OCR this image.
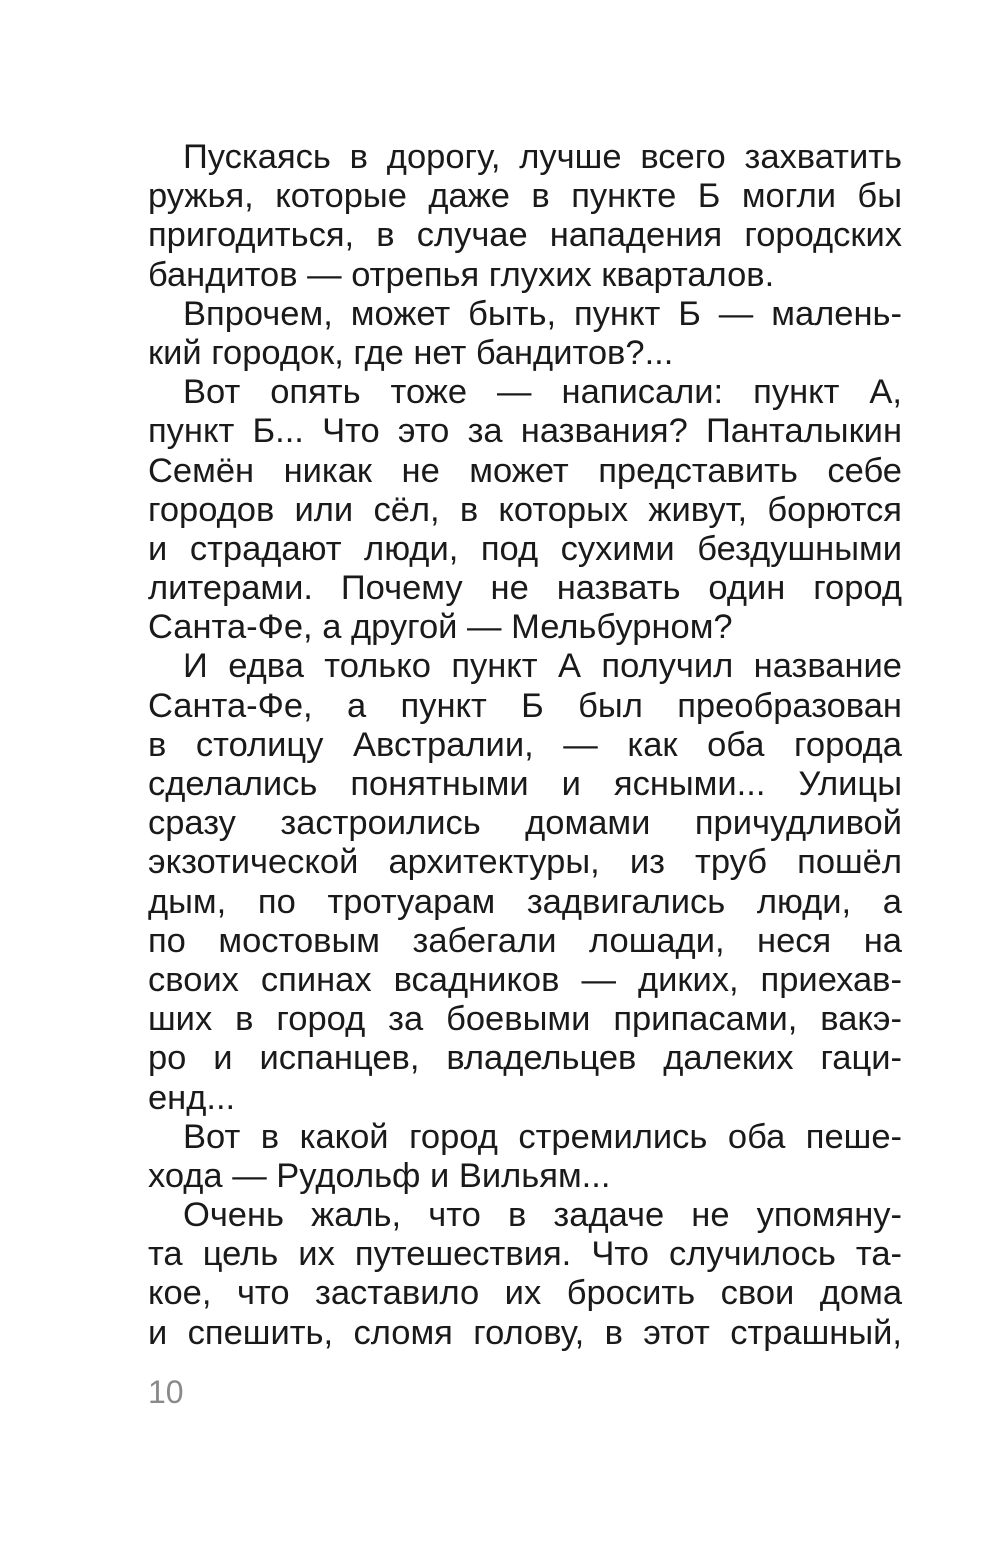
Пускаясь в дорогу, лучше всего захватить
ружья, которые даже в пункте Б могли бы
пригодиться, в случае нападения городских
бандитов — отрепья глухих кварталов.
Впрочем, может быть, пункт Б — малень-
кий городок, где нет бандитов?...
Вот опять тоже — написали: пункт А,
пункт Б... Что это за названия? Панталыкин
Семён никак не может представить себе
городов или сёл, в которых живут, борются
и страдают люди, под сухими бездушными
литерами. Почему не назвать один город
Санта-Фе, а другой — Мельбурном?
И едва только пункт А получил название
Санта-Фе, а пункт Б был преобразован
в столицу Австралии, — как оба города
сделались понятными и ясными... Улицы
сразу застроились домами причудливой
экзотической архитектуры, из труб пошёл
дым, по тротуарам задвигались люди, а
по мостовым забегали лошади, неся на
своих спинах всадников — диких, приехав-
ших в город за боевыми припасами, вакэ-
ро и испанцев, владельцев далеких гаци-
енд...
Вот в какой город стремились оба пеше-
хода — Рудольф и Вильям...
Очень жаль, что в задаче не упомяну-
та цель их путешествия. Что случилось та-
кое, что заставило их бросить свои дома
и спешить, сломя голову, в этот страшный,
10
